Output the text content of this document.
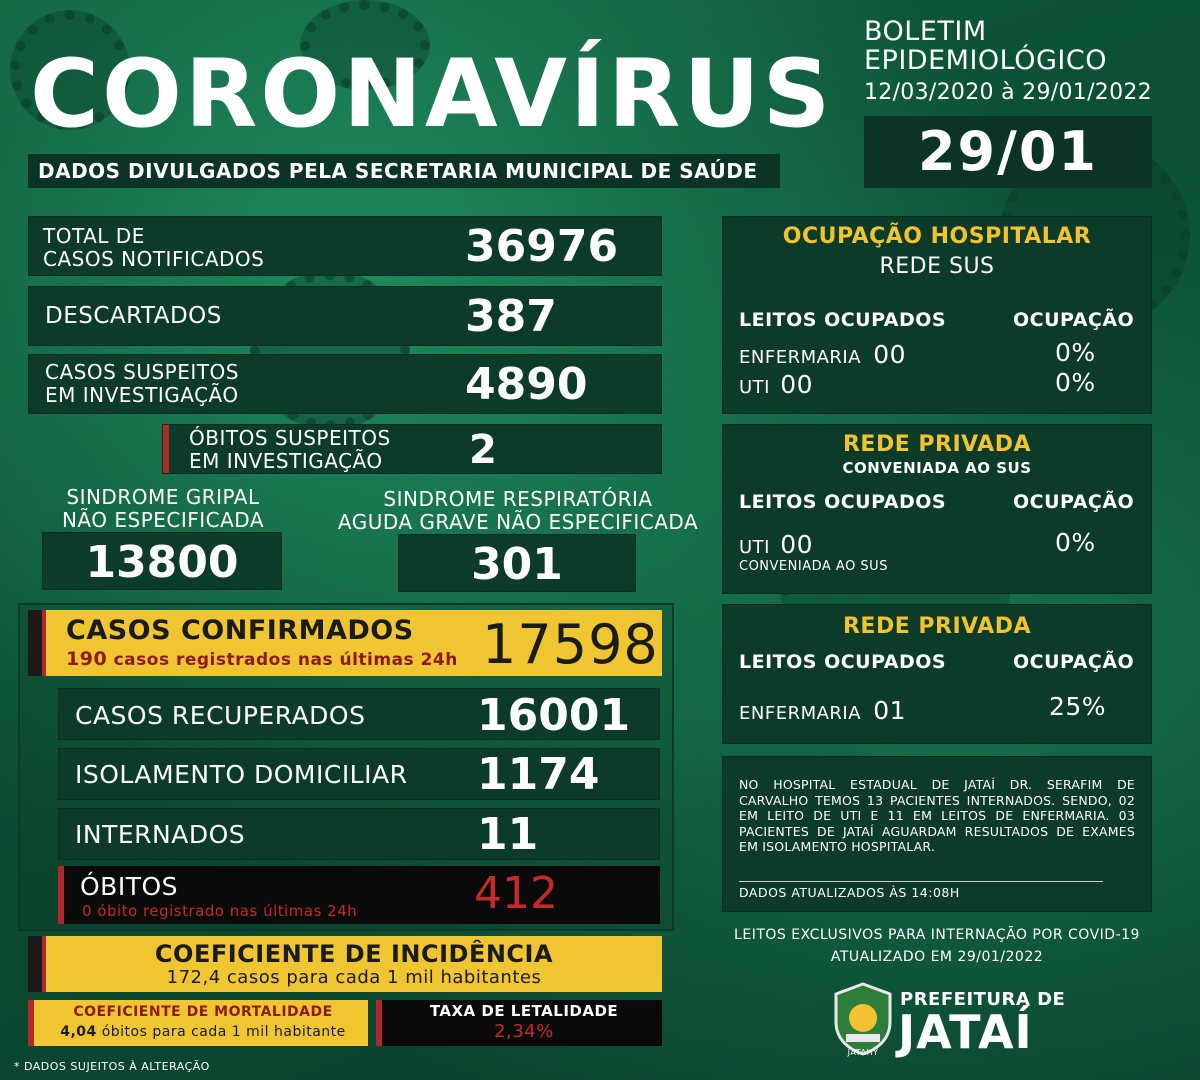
CORONAVÍRUS
DADOS DIVULGADOS PELA SECRETARIA MUNICIPAL DE SAÚDE
BOLETIM
EPIDEMIOLÓGICO
12/03/2020 à 29/01/2022
29/01
TOTAL DE
CASOS NOTIFICADOS	36976
DESCARTADOS	387
CASOS SUSPEITOS
EM INVESTIGAÇÃO	4890
ÓBITOS SUSPEITOS
EM INVESTIGAÇÃO 2
SINDROME GRIPAL
NÃO ESPECIFICADA
13800
SINDROME RESPIRATÓRIA
AGUDA GRAVE NÃO ESPECIFICADA
301
CASOS CONFIRMADOS
190 casos registrados nas últimas 24h 17598
CASOS RECUPERADOS	16001
ISOLAMENTO DOMICILIAR 1174
INTERNADOS	11
ÓBITOS
0 óbito registrado nas últimas 24h	412
COEFICIENTE DE INCIDÊNCIA
172,4 casos para cada 1 mil habitantes
COEFICIENTE DE MORTALIDADE
4,04 óbitos para cada 1 mil habitante
TAXA DE LETALIDADE
2,34%
* DADOS SUJEITOS À ALTERAÇÃO
OCUPAÇÃO HOSPITALAR
REDE SUS
LEITOS OCUPADOS	OCUPAÇÃO
ENFERMARIA 00	0%
UTI 00	0%
REDE PRIVADA
CONVENIADA AO SUS
LEITOS OCUPADOS	OCUPAÇÃO
UTI 00	0%
CONVENIADA AO SUS
REDE PRIVADA
LEITOS OCUPADOS	OCUPAÇÃO
ENFERMARIA 01	25%
NO HOSPITAL ESTADUAL DE JATAÍ DR. SERAFIM DE CARVALHO TEMOS 13 PACIENTES INTERNADOS. SENDO, 02 EM LEITO DE UTI E 11 EM LEITOS DE ENFERMARIA. 03 PACIENTES DE JATAÍ AGUARDAM RESULTADOS DE EXAMES EM ISOLAMENTO HOSPITALAR.
DADOS ATUALIZADOS ÀS 14:08H
LEITOS EXCLUSIVOS PARA INTERNAÇÃO POR COVID-19
ATUALIZADO EM 29/01/2022
JATAHY
PREFEITURA DE
JATAÍ
